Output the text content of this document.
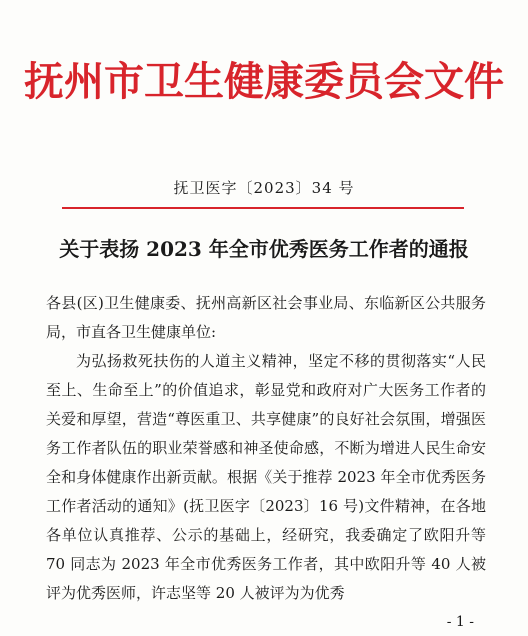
抚州市卫生健康委员会文件
抚卫医字〔2023〕34 号
关于表扬 2023 年全市优秀医务工作者的通报

各县(区)卫生健康委、抚州高新区社会事业局、东临新区公共服务局，市直各卫生健康单位:

为弘扬救死扶伤的人道主义精神，坚定不移的贯彻落实“人民至上、生命至上”的价值追求，彰显党和政府对广大医务工作者的关爱和厚望，营造“尊医重卫、共享健康”的良好社会氛围，增强医务工作者队伍的职业荣誉感和神圣使命感，不断为增进人民生命安全和身体健康作出新贡献。根据《关于推荐 2023 年全市优秀医务工作者活动的通知》(抚卫医字〔2023〕16 号)文件精神，在各地各单位认真推荐、公示的基础上，经研究，我委确定了欧阳升等 70 同志为 2023 年全市优秀医务工作者，其中欧阳升等 40 人被评为优秀医师，许志坚等 20 人被评为为优秀

- 1 -
